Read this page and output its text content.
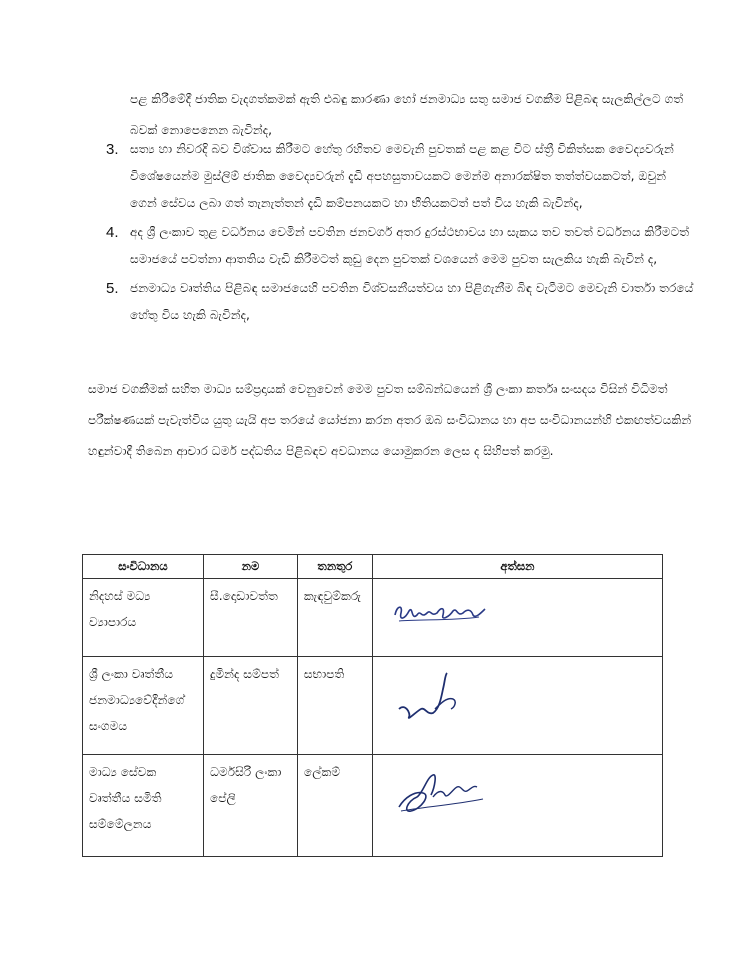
පළ කිරීමේදී ජාතික වැදගත්කමක් ඇති එබඳු කාරණා හෝ ජනමාධ්‍ය සතු සමාජ වගකීම පිළිබඳ සැලකිල්ලට ගත් බවක් නොපෙනෙන බැවින්ද,

3. සත්‍ය හා නිවරදි බව විශ්වාස කිරීමට හේතු රහිතව මෙවැනි පුවතක් පළ කළ විට ස්ත්‍රී චිකිත්සක වෛද්‍යවරුන් විශේෂයෙන්ම මුස්ලිම් ජාතික වෛද්‍යවරුන් දැඩි අපහසුතාවයකට මෙන්ම අනාරක්ෂිත තත්ත්වයකටත්, ඔවුන් ගෙන් සේවය ලබා ගත් තැනැත්තන් දැඩි කම්පනයකට හා භීතියකටත් පත් විය හැකි බැවින්ද,
4. අද ශ්‍රී ලංකාව තුළ වර්ධනය වෙමින් පවතින ජනවර්ග අතර දුරස්ථභාවය හා සැකය තව තවත් වර්ධනය කිරීමටත් සමාජයේ පවත්නා ආතතිය වැඩි කිරීමටත් කුඩු දෙන පුවතක් වශයෙන් මෙම පුවත සැලකිය හැකි බැවින් ද,
5. ජනමාධ්‍ය වෘත්තිය පිළිබඳ සමාජයෙහි පවතින විශ්වසනීයත්වය හා පිළිගැනීම බිඳ වැටීමට මෙවැනි වාර්තා තරයේ හේතු විය හැකි බැවින්ද,

සමාජ වගකීමක් සහිත මාධ්‍ය සම්ප්‍රදායක් වෙනුවෙන් මෙම පුවත සම්බන්ධයෙන් ශ්‍රී ලංකා කර්තෘ සංසදය විසින් විධිමත් පරීක්ෂණයක් පැවැත්විය යුතු යැයි අප තරයේ යෝජනා කරන අතර ඔබ සංවිධානය හා අප සංවිධානයන්හි එකඟත්වයකින් හඳුන්වාදී තිබෙන ආචාර ධර්ම පද්ධතිය පිළිබඳව අවධානය යොමුකරන ලෙස ද සිහිපත් කරමු.

සංවිධානය	නම	තනතුර	අත්සන
නිදහස් මධ්‍ය ව්‍යාපාරය	සී.දොඩාවත්ත	කැඳවුම්කරු	

ශ්‍රී ලංකා වෘත්තීය ජනමාධ්‍යවේදීන්ගේ සංගමය	දුමින්ද සම්පත්	සභාපති	

මාධ්‍ය සේවක වෘත්තීය සමිති සම්මේලනය	ධර්මසිරි ලංකා පේලි	ලේකම්	
